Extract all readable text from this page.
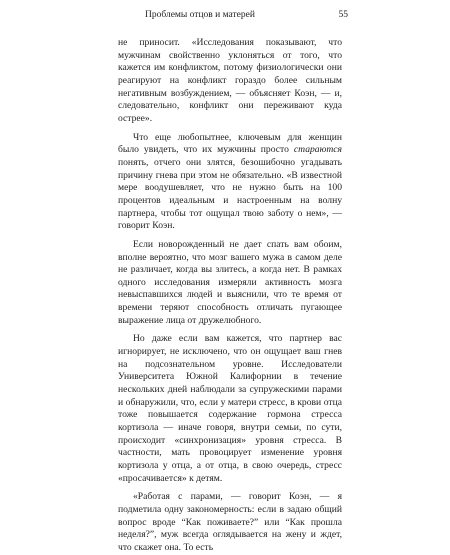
Проблемы отцов и матерей	55

не приносит. «Исследования показывают, что мужчинам свойственно уклоняться от того, что кажется им конфликтом, потому физиологически они реагируют на конфликт гораздо более сильным негативным возбуждением, — объясняет Коэн, — и, следовательно, конфликт они переживают куда острее».

Что еще любопытнее, ключевым для женщин было увидеть, что их мужчины просто стараются понять, отчего они злятся, безошибочно угадывать причину гнева при этом не обязательно. «В известной мере воодушевляет, что не нужно быть на 100 процентов идеальным и настроенным на волну партнера, чтобы тот ощущал твою заботу о нем», — говорит Коэн.

Если новорожденный не дает спать вам обоим, вполне вероятно, что мозг вашего мужа в самом деле не различает, когда вы злитесь, а когда нет. В рамках одного исследования измеряли активность мозга невыспавшихся людей и выяснили, что те время от времени теряют способность отличать пугающее выражение лица от дружелюбного.

Но даже если вам кажется, что партнер вас игнорирует, не исключено, что он ощущает ваш гнев на подсознательном уровне. Исследователи Университета Южной Калифорнии в течение нескольких дней наблюдали за супружескими парами и обнаружили, что, если у матери стресс, в крови отца тоже повышается содержание гормона стресса кортизола — иначе говоря, внутри семьи, по сути, происходит «синхронизация» уровня стресса. В частности, мать провоцирует изменение уровня кортизола у отца, а от отца, в свою очередь, стресс «просачивается» к детям.

«Работая с парами, — говорит Коэн, — я подметила одну закономерность: если в задаю общий вопрос вроде “Как поживаете?” или “Как прошла неделя?”, муж всегда оглядывается на жену и ждет, что скажет она. То есть
